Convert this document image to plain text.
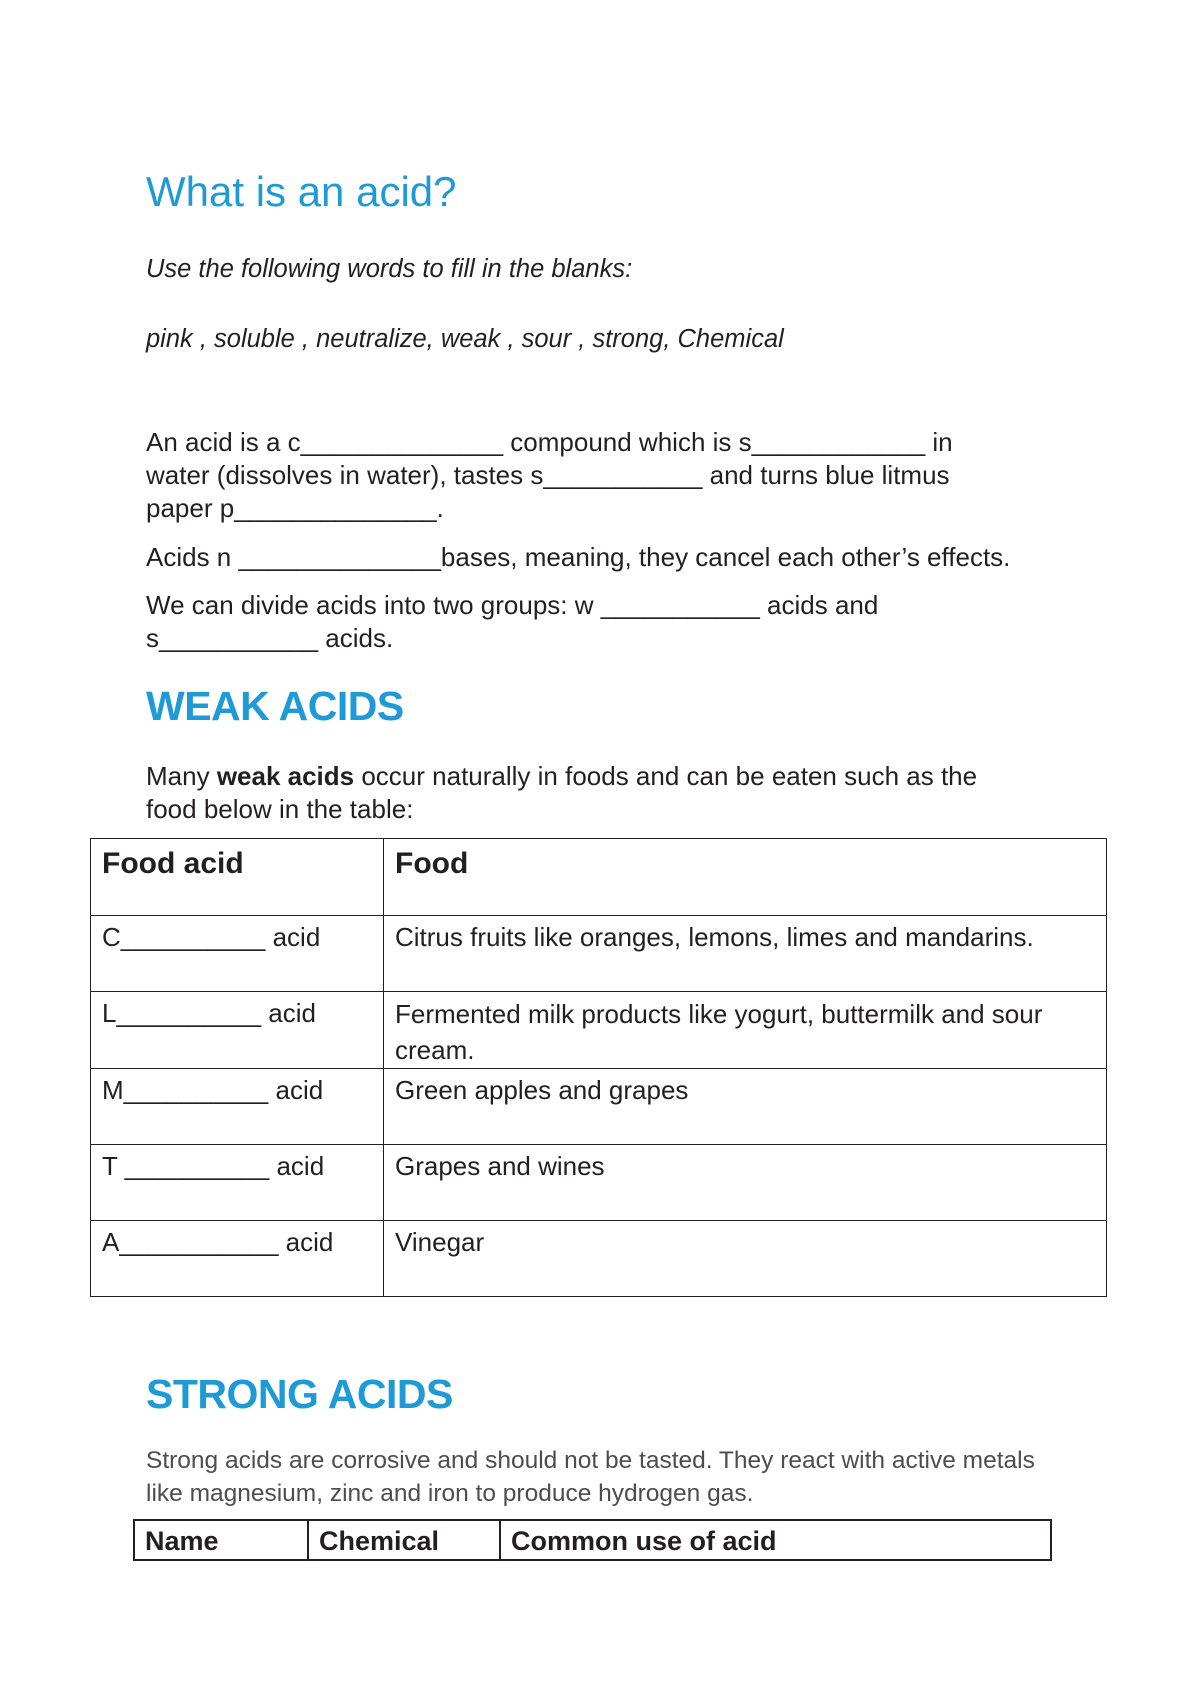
What is an acid?
Use the following words to fill in the blanks:
pink , soluble , neutralize, weak , sour , strong, Chemical
An acid is a c______________ compound which is s____________ in
water (dissolves in water), tastes s___________ and turns blue litmus
paper p______________.
Acids n ______________bases, meaning, they cancel each other’s effects.
We can divide acids into two groups: w ___________ acids and
s___________ acids.
WEAK ACIDS
Many weak acids occur naturally in foods and can be eaten such as the
food below in the table:
Food acid	Food
C__________ acid	Citrus fruits like oranges, lemons, limes and mandarins.
L__________ acid	Fermented milk products like yogurt, buttermilk and sour cream.
M__________ acid	Green apples and grapes
T __________ acid	Grapes and wines
A___________ acid	Vinegar
STRONG ACIDS
Strong acids are corrosive and should not be tasted. They react with active metals
like magnesium, zinc and iron to produce hydrogen gas.
Name	Chemical	Common use of acid
